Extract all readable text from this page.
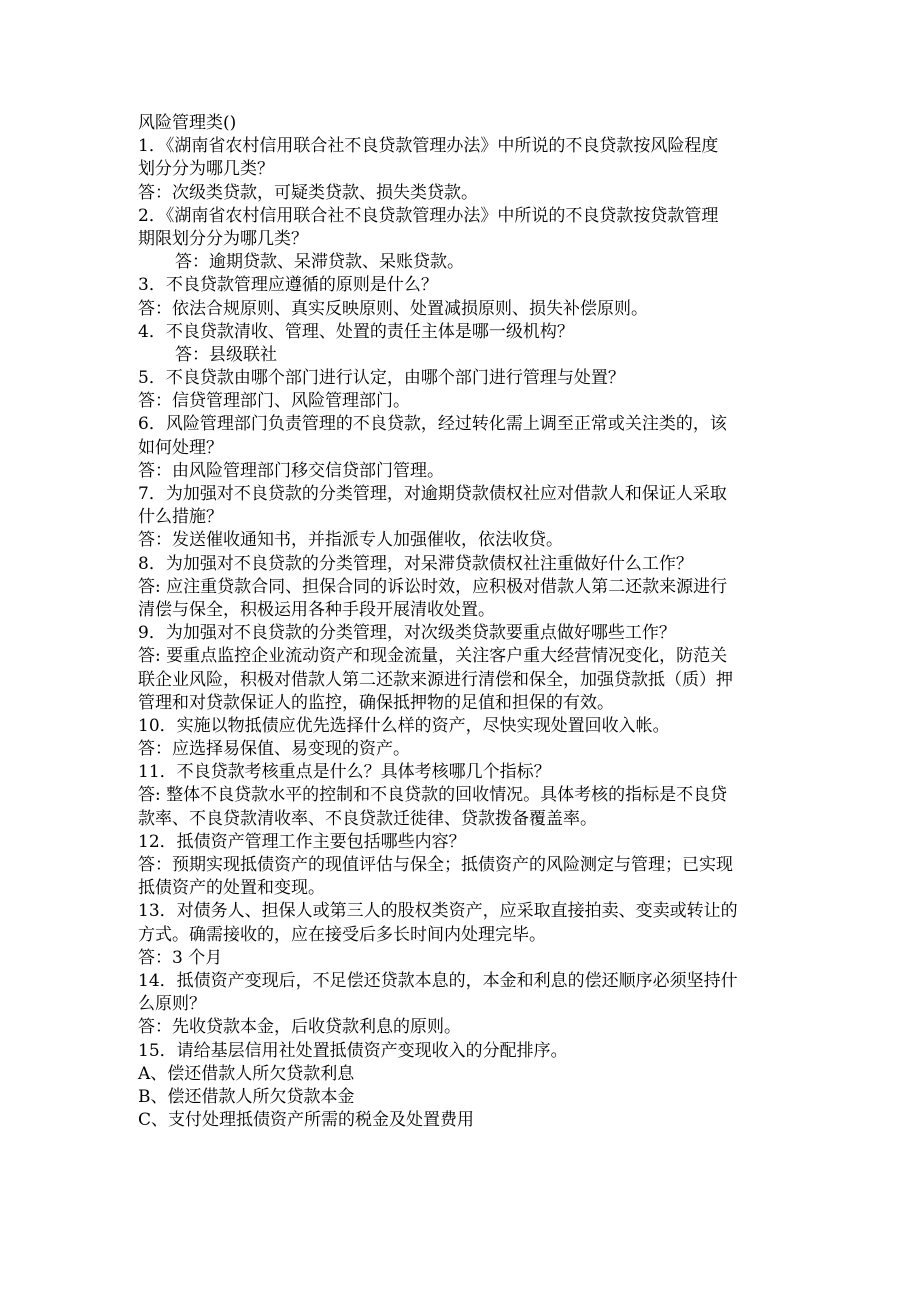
风险管理类()
1．《湖南省农村信用联合社不良贷款管理办法》中所说的不良贷款按风险程度
划分分为哪几类？
答：次级类贷款，可疑类贷款、损失类贷款。
2．《湖南省农村信用联合社不良贷款管理办法》中所说的不良贷款按贷款管理
期限划分分为哪几类？
答：逾期贷款、呆滞贷款、呆账贷款。
3．不良贷款管理应遵循的原则是什么？
答：依法合规原则、真实反映原则、处置减损原则、损失补偿原则。
4．不良贷款清收、管理、处置的责任主体是哪一级机构？
答：县级联社
5．不良贷款由哪个部门进行认定，由哪个部门进行管理与处置？
答：信贷管理部门、风险管理部门。
6．风险管理部门负责管理的不良贷款，经过转化需上调至正常或关注类的，该
如何处理？
答：由风险管理部门移交信贷部门管理。
7．为加强对不良贷款的分类管理，对逾期贷款债权社应对借款人和保证人采取
什么措施？
答：发送催收通知书，并指派专人加强催收，依法收贷。
8．为加强对不良贷款的分类管理，对呆滞贷款债权社注重做好什么工作？
答: 应注重贷款合同、担保合同的诉讼时效，应积极对借款人第二还款来源进行
清偿与保全，积极运用各种手段开展清收处置。
9．为加强对不良贷款的分类管理，对次级类贷款要重点做好哪些工作？
答: 要重点监控企业流动资产和现金流量，关注客户重大经营情况变化，防范关
联企业风险，积极对借款人第二还款来源进行清偿和保全，加强贷款抵（质）押
管理和对贷款保证人的监控，确保抵押物的足值和担保的有效。
10．实施以物抵债应优先选择什么样的资产，尽快实现处置回收入帐。
答：应选择易保值、易变现的资产。
11．不良贷款考核重点是什么？具体考核哪几个指标？
答: 整体不良贷款水平的控制和不良贷款的回收情况。具体考核的指标是不良贷
款率、不良贷款清收率、不良贷款迁徙律、贷款拨备覆盖率。
12．抵债资产管理工作主要包括哪些内容？
答：预期实现抵债资产的现值评估与保全；抵债资产的风险测定与管理；已实现
抵债资产的处置和变现。
13．对债务人、担保人或第三人的股权类资产，应采取直接拍卖、变卖或转让的
方式。确需接收的，应在接受后多长时间内处理完毕。
答：3 个月
14．抵债资产变现后，不足偿还贷款本息的，本金和利息的偿还顺序必须坚持什
么原则？
答：先收贷款本金，后收贷款利息的原则。
15．请给基层信用社处置抵债资产变现收入的分配排序。
A、偿还借款人所欠贷款利息
B、偿还借款人所欠贷款本金
C、支付处理抵债资产所需的税金及处置费用
